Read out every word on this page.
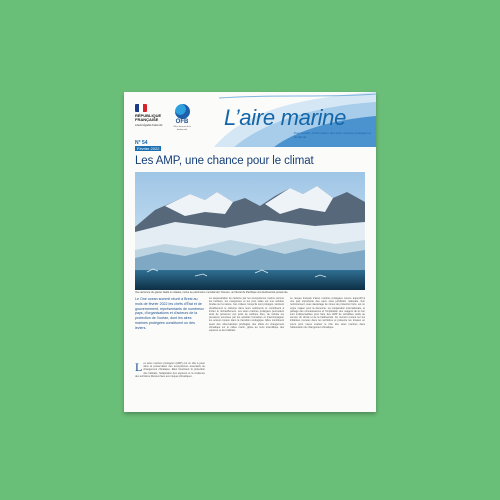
RÉPUBLIQUE FRANÇAISE
Liberté Égalité Fraternité
OFB
Office français de la biodiversité L’aire marine
Pour la lettre d’information des aires marines protégées et du littoral
N° 54
Février 2022
Les AMP, une chance pour le climat
Vue aérienne du glacier Aialik en Alaska, inclus au patrimoine mondial de l’Unesco, un littoral du Pacifique à la biodiversité préservée.
Le One ocean summit réunit à Brest au mois de février 2022 les chefs d’État et de gouvernement, représentants de nombreux pays, d’organisations et d’acteurs de la protection de l’océan, dont les aires marines protégées constituent un des leviers.
Les aires marines protégées (AMP) ont un rôle à jouer dans la préservation des écosystèmes essentiels au changement climatique. Elles favorisent la protection des habitats, l’adaptation des espèces et la résilience des territoires littoraux face aux risques climatiques.
La séquestration du carbone par les écosystèmes marins comme les herbiers, les mangroves et les prés salés est une solution fondée sur la nature. Ces milieux, lorsqu’ils sont protégés, stockent durablement le carbone dans leurs sédiments et contribuent à limiter le réchauffement. Les aires marines protégées permettent ainsi de préserver ces puits de carbone bleu, de réduire les pressions exercées par les activités humaines et d’accompagner les acteurs locaux dans la transition écologique. Elles constituent aussi des observatoires privilégiés des effets du changement climatique sur le milieu marin, grâce au suivi scientifique des espèces et des habitats.
Le réseau français d’aires marines protégées couvre aujourd’hui une part importante des eaux sous juridiction nationale. Son renforcement, avec davantage de zones de protection forte, est un enjeu majeur pour la décennie. La coopération internationale, le partage des connaissances et l’implication des usagers de la mer sont indispensables pour faire des AMP de véritables outils au service du climat et de la biodiversité. Ce numéro revient sur les initiatives menées dans les territoires et présente les travaux en cours pour mieux évaluer le rôle des aires marines dans l’atténuation du changement climatique.
